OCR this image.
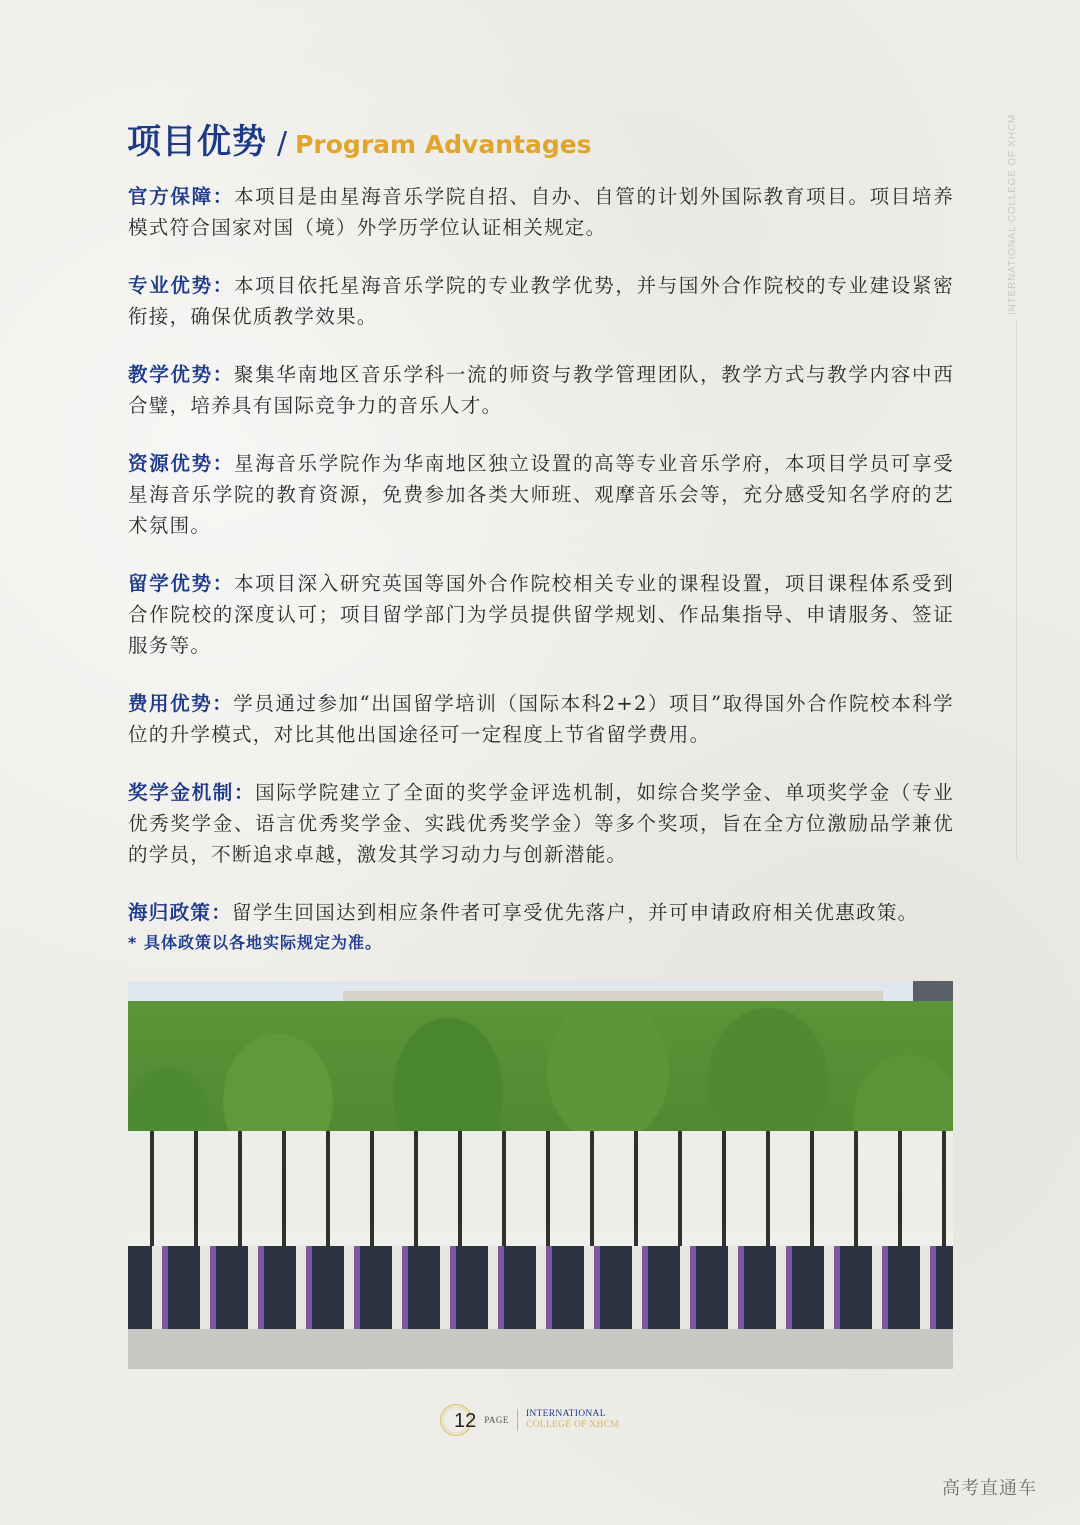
项目优势 / Program Advantages	INTERNATIONAL COLLEGE OF XHCM

官方保障：本项目是由星海音乐学院自招、自办、自管的计划外国际教育项目。项目培养模式符合国家对国（境）外学历学位认证相关规定。

专业优势：本项目依托星海音乐学院的专业教学优势，并与国外合作院校的专业建设紧密衔接，确保优质教学效果。

教学优势：聚集华南地区音乐学科一流的师资与教学管理团队，教学方式与教学内容中西合璧，培养具有国际竞争力的音乐人才。

资源优势：星海音乐学院作为华南地区独立设置的高等专业音乐学府，本项目学员可享受星海音乐学院的教育资源，免费参加各类大师班、观摩音乐会等，充分感受知名学府的艺术氛围。

留学优势：本项目深入研究英国等国外合作院校相关专业的课程设置，项目课程体系受到合作院校的深度认可；项目留学部门为学员提供留学规划、作品集指导、申请服务、签证服务等。

费用优势：学员通过参加“出国留学培训（国际本科2+2）项目”取得国外合作院校本科学位的升学模式，对比其他出国途径可一定程度上节省留学费用。

奖学金机制：国际学院建立了全面的奖学金评选机制，如综合奖学金、单项奖学金（专业优秀奖学金、语言优秀奖学金、实践优秀奖学金）等多个奖项，旨在全方位激励品学兼优的学员，不断追求卓越，激发其学习动力与创新潜能。

海归政策：留学生回国达到相应条件者可享受优先落户，并可申请政府相关优惠政策。

* 具体政策以各地实际规定为准。
12 PAGE
INTERNATIONAL
COLLEGE OF XHCM
高考直通车
